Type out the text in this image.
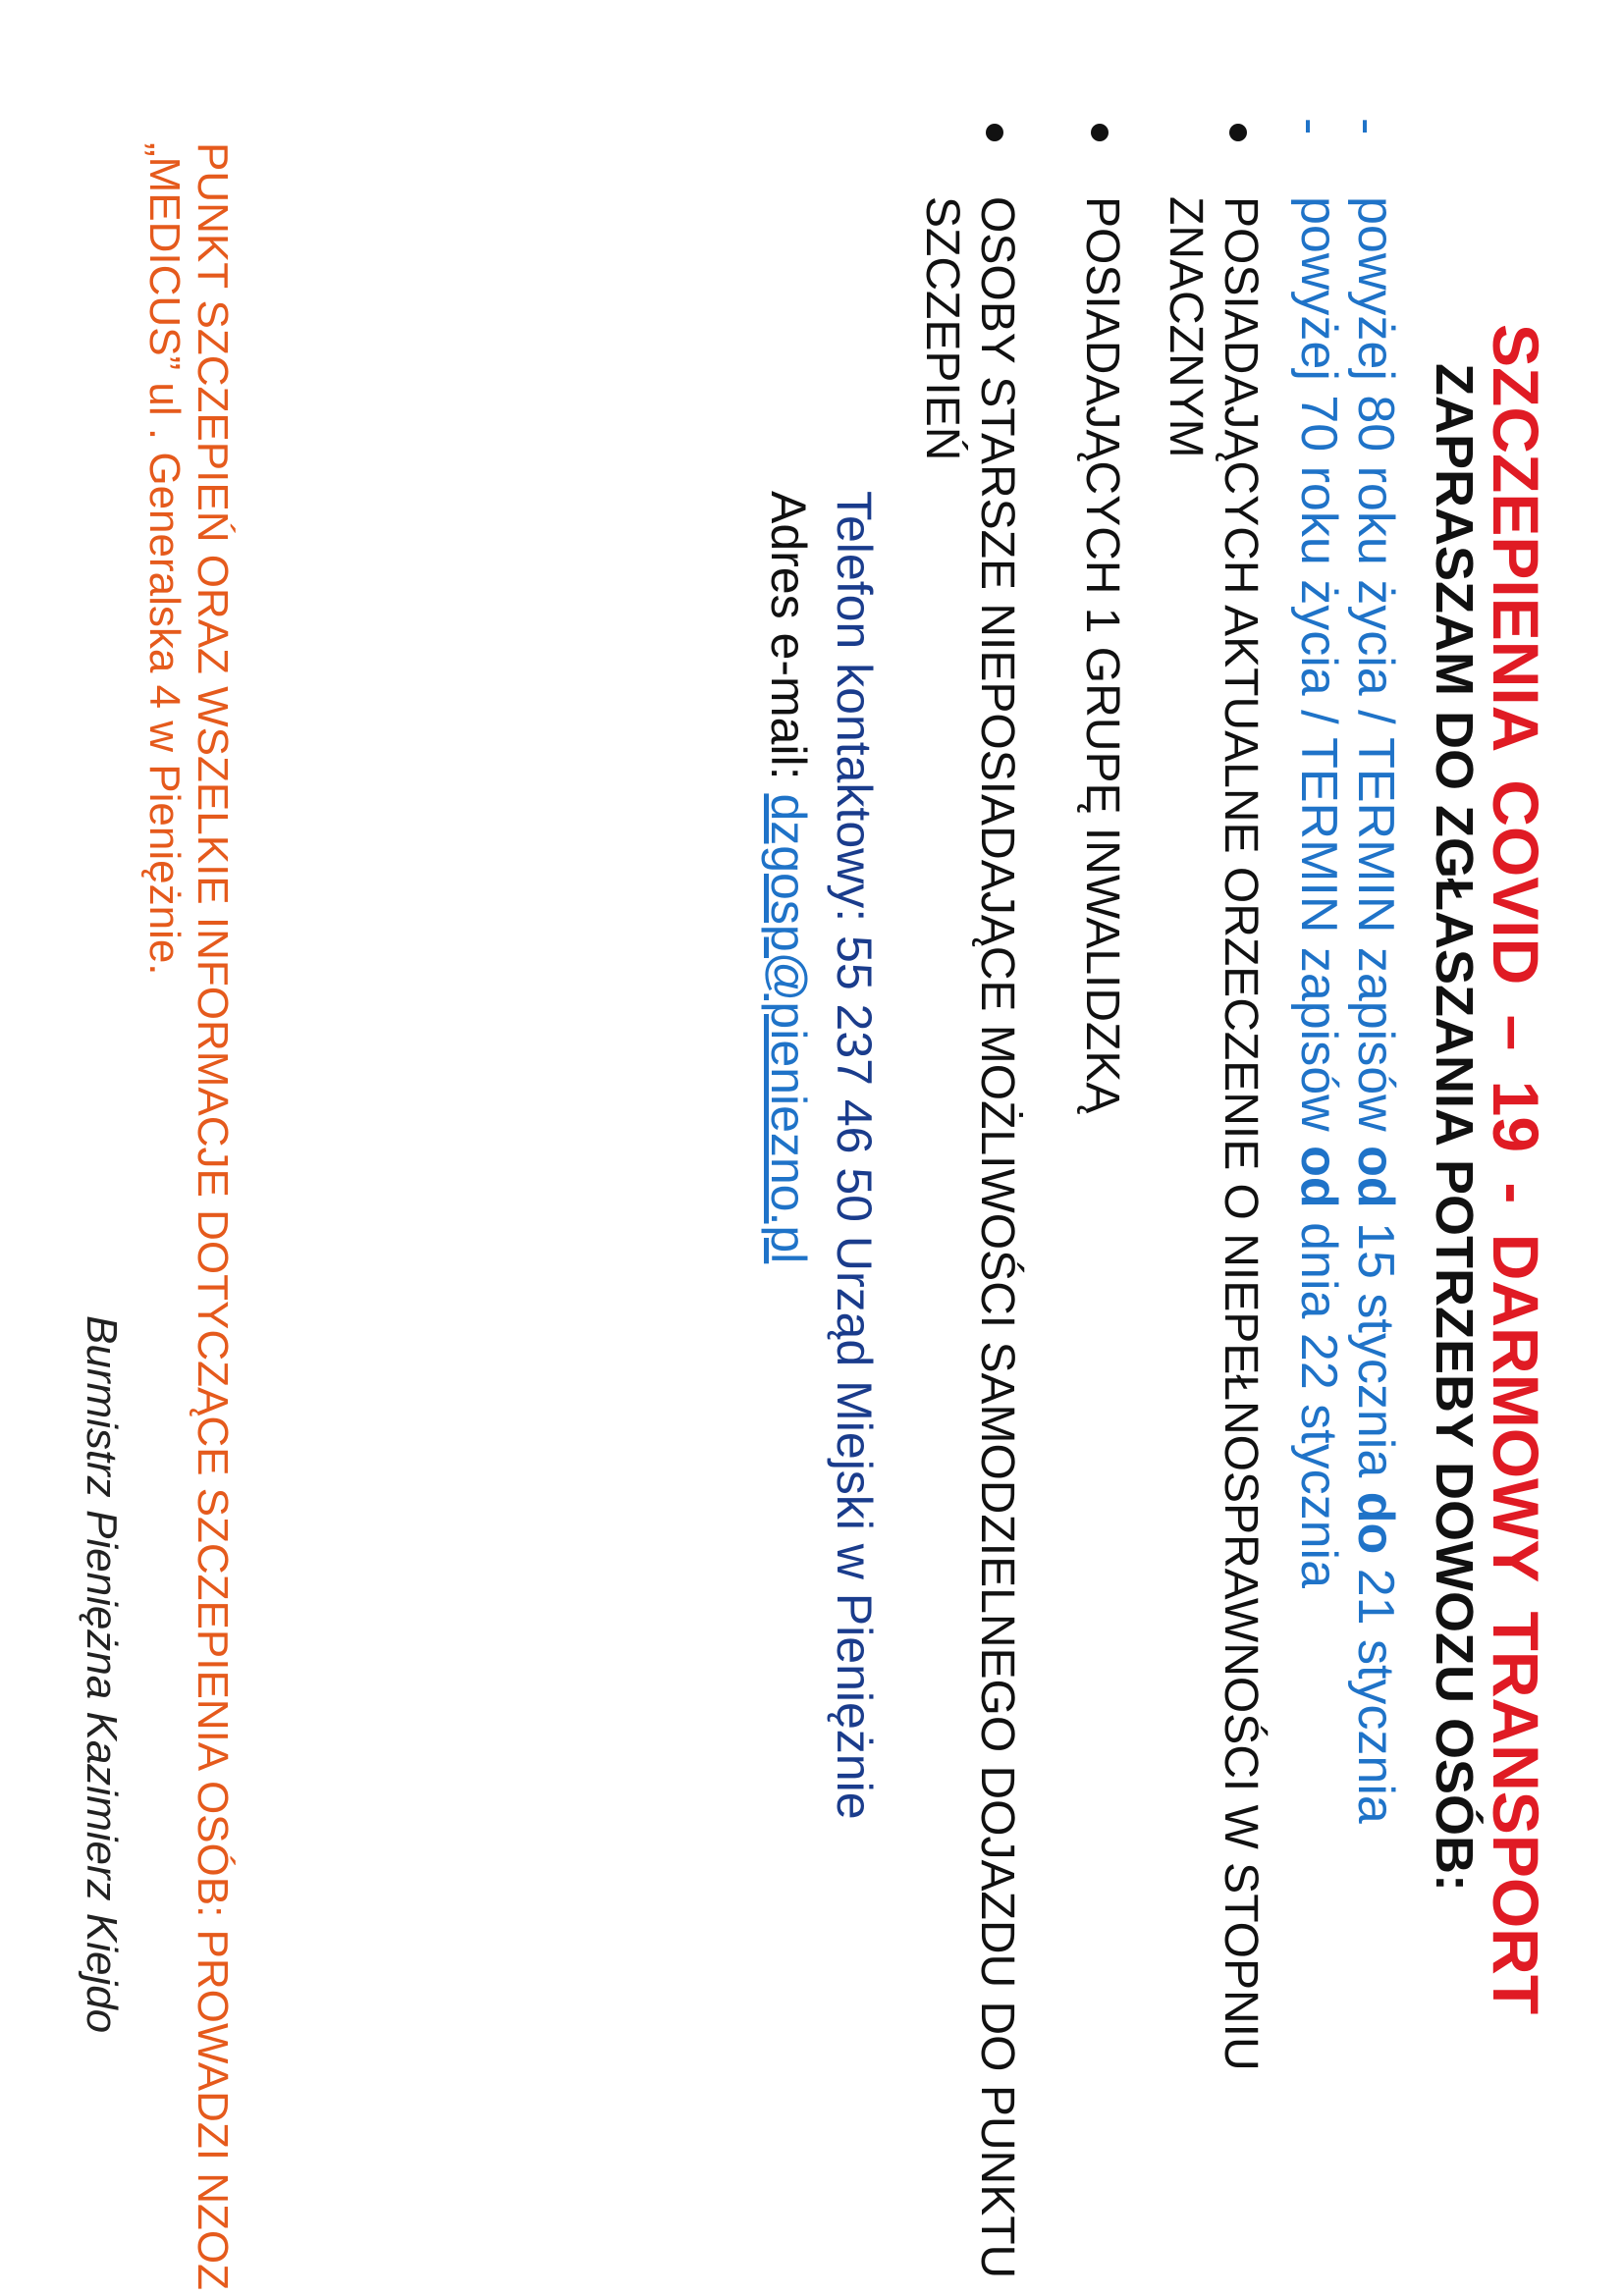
SZCZEPIENIA COVID – 19 - DARMOWY TRANSPORT
ZAPRASZAM DO ZGŁASZANIA POTRZEBY DOWOZU OSÓB:
-
powyżej 80 roku życia / TERMIN zapisów od 15 stycznia do 21 stycznia
-
powyżej 70 roku życia / TERMIN zapisów od dnia 22 stycznia
POSIADAJĄCYCH AKTUALNE ORZECZENIE O NIEPEŁNOSPRAWNOŚCI W STOPNIU
ZNACZNYM
POSIADAJĄCYCH 1 GRUPĘ INWALIDZKĄ
OSOBY STARSZE NIEPOSIADAJĄCE MOŻLIWOŚCI SAMODZIELNEGO DOJAZDU DO PUNKTU
SZCZEPIEŃ
Telefon kontaktowy: 55 237 46 50 Urząd Miejski w Pieniężnie
Adres e-mail: dzgosp@pieniezno.pl
PUNKT SZCZEPIEŃ ORAZ WSZELKIE INFORMACJE DOTYCZĄCE SZCZEPIENIA OSÓB: PROWADZI NZOZ
„MEDICUS” ul . Generalska 4 w Pieniężnie.
Burmistrz Pieniężna Kazimierz Kiejdo
